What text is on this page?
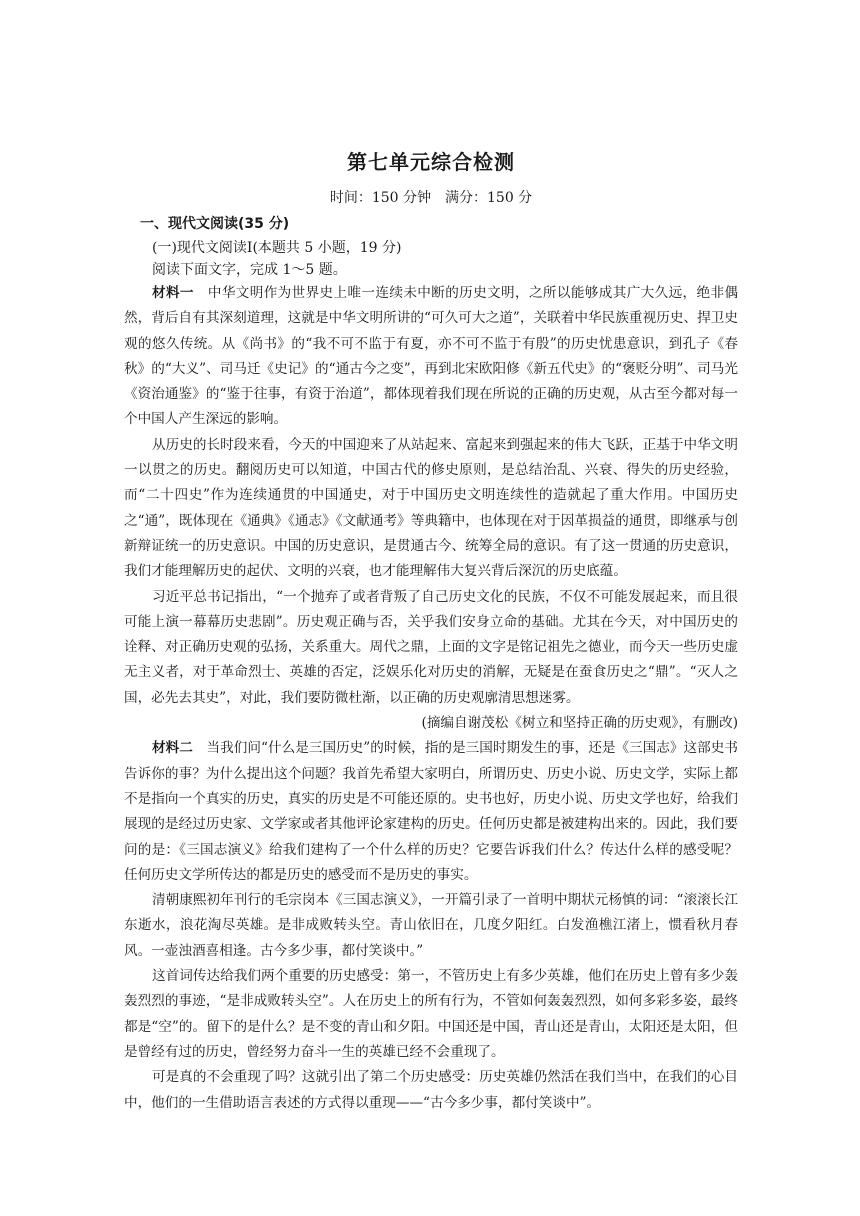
第七单元综合检测

时间：150 分钟　满分：150 分

一、现代文阅读(35 分)

(一)现代文阅读Ⅰ(本题共 5 小题，19 分)

阅读下面文字，完成 1～5 题。

材料一　 中华文明作为世界史上唯一连续未中断的历史文明，之所以能够成其广大久远，绝非偶然，背后自有其深刻道理，这就是中华文明所讲的“可久可大之道”，关联着中华民族重视历史、捍卫史观的悠久传统。从《尚书》的“我不可不监于有夏，亦不可不监于有殷”的历史忧患意识，到孔子《春秋》的“大义”、司马迁《史记》的“通古今之变”，再到北宋欧阳修《新五代史》的“褒贬分明”、司马光《资治通鉴》的“鉴于往事，有资于治道”，都体现着我们现在所说的正确的历史观，从古至今都对每一个中国人产生深远的影响。

从历史的长时段来看，今天的中国迎来了从站起来、富起来到强起来的伟大飞跃，正基于中华文明一以贯之的历史。翻阅历史可以知道，中国古代的修史原则，是总结治乱、兴衰、得失的历史经验，而“二十四史”作为连续通贯的中国通史，对于中国历史文明连续性的造就起了重大作用。中国历史之“通”，既体现在《通典》《通志》《文献通考》等典籍中，也体现在对于因革损益的通贯，即继承与创新辩证统一的历史意识。中国的历史意识，是贯通古今、统筹全局的意识。有了这一贯通的历史意识，我们才能理解历史的起伏、文明的兴衰，也才能理解伟大复兴背后深沉的历史底蕴。

习近平总书记指出，“一个抛弃了或者背叛了自己历史文化的民族，不仅不可能发展起来，而且很可能上演一幕幕历史悲剧”。历史观正确与否，关乎我们安身立命的基础。尤其在今天，对中国历史的诠释、对正确历史观的弘扬，关系重大。周代之鼎，上面的文字是铭记祖先之德业，而今天一些历史虚无主义者，对于革命烈士、英雄的否定，泛娱乐化对历史的消解，无疑是在蚕食历史之“鼎”。“灭人之国，必先去其史”，对此，我们要防微杜渐，以正确的历史观廓清思想迷雾。

(摘编自谢茂松《树立和坚持正确的历史观》，有删改)

材料二　 当我们问“什么是三国历史”的时候，指的是三国时期发生的事，还是《三国志》这部史书告诉你的事？为什么提出这个问题？我首先希望大家明白，所谓历史、历史小说、历史文学，实际上都不是指向一个真实的历史，真实的历史是不可能还原的。史书也好，历史小说、历史文学也好，给我们展现的是经过历史家、文学家或者其他评论家建构的历史。任何历史都是被建构出来的。因此，我们要问的是：《三国志演义》给我们建构了一个什么样的历史？它要告诉我们什么？传达什么样的感受呢？任何历史文学所传达的都是历史的感受而不是历史的事实。

清朝康熙初年刊行的毛宗岗本《三国志演义》，一开篇引录了一首明中期状元杨慎的词：“滚滚长江东逝水，浪花淘尽英雄。是非成败转头空。青山依旧在，几度夕阳红。白发渔樵江渚上，惯看秋月春风。一壶浊酒喜相逢。古今多少事，都付笑谈中。”

这首词传达给我们两个重要的历史感受：第一，不管历史上有多少英雄，他们在历史上曾有多少轰轰烈烈的事迹，“是非成败转头空”。人在历史上的所有行为，不管如何轰轰烈烈，如何多彩多姿，最终都是“空”的。留下的是什么？是不变的青山和夕阳。中国还是中国，青山还是青山，太阳还是太阳，但是曾经有过的历史，曾经努力奋斗一生的英雄已经不会重现了。

可是真的不会重现了吗？这就引出了第二个历史感受：历史英雄仍然活在我们当中，在我们的心目中，他们的一生借助语言表述的方式得以重现——“古今多少事，都付笑谈中”。
